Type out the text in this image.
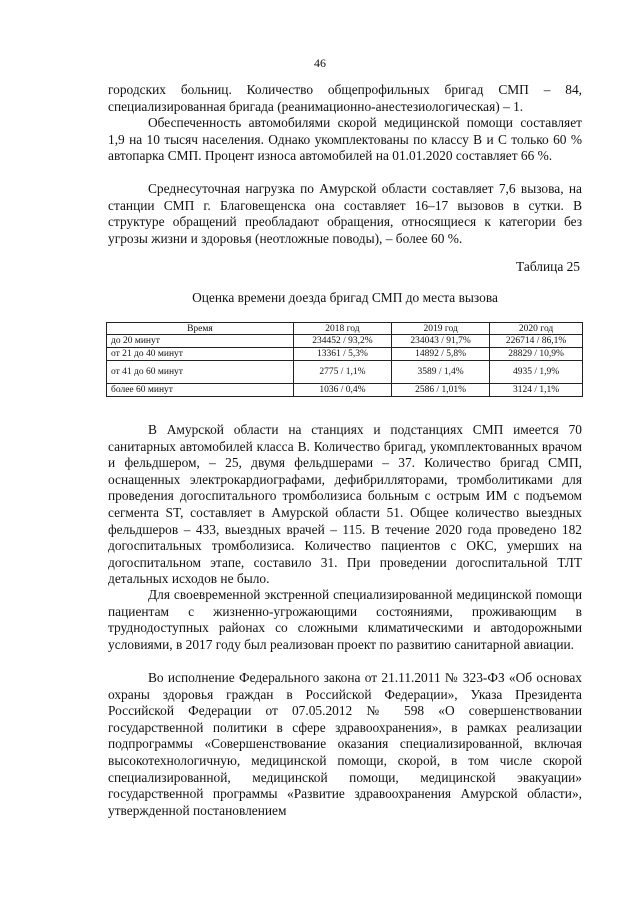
46

городских больниц. Количество общепрофильных бригад СМП – 84, специализированная бригада (реанимационно-анестезиологическая) – 1.

Обеспеченность автомобилями скорой медицинской помощи составляет 1,9 на 10 тысяч населения. Однако укомплектованы по классу В и С только 60 % автопарка СМП. Процент износа автомобилей на 01.01.2020 составляет 66 %.

Среднесуточная нагрузка по Амурской области составляет 7,6 вызова, на станции СМП г. Благовещенска она составляет 16–17 вызовов в сутки. В структуре обращений преобладают обращения, относящиеся к категории без угрозы жизни и здоровья (неотложные поводы), – более 60 %.

Таблица 25
Оценка времени доезда бригад СМП до места вызова
Время	2018 год	2019 год	2020 год
до 20 минут	234452 / 93,2%	234043 / 91,7%	226714 / 86,1%
от 21 до 40 минут	13361 / 5,3%	14892 / 5,8%	28829 / 10,9%
от 41 до 60 минут	2775 / 1,1%	3589 / 1,4%	4935 / 1,9%
более 60 минут	1036 / 0,4%	2586 / 1,01%	3124 / 1,1%

В Амурской области на станциях и подстанциях СМП имеется 70 санитарных автомобилей класса В. Количество бригад, укомплектованных врачом и фельдшером, – 25, двумя фельдшерами – 37. Количество бригад СМП, оснащенных электрокардиографами, дефибрилляторами, тромболитиками для проведения догоспитального тромболизиса больным с острым ИМ с подъемом сегмента ST, составляет в Амурской области 51. Общее количество выездных фельдшеров – 433, выездных врачей – 115. В течение 2020 года проведено 182 догоспитальных тромболизиса. Количество пациентов с ОКС, умерших на догоспитальном этапе, составило 31. При проведении догоспитальной ТЛТ детальных исходов не было.

Для своевременной экстренной специализированной медицинской помощи пациентам с жизненно-угрожающими состояниями, проживающим в труднодоступных районах со сложными климатическими и автодорожными условиями, в 2017 году был реализован проект по развитию санитарной авиации.

Во исполнение Федерального закона от 21.11.2011 № 323-ФЗ «Об основах охраны здоровья граждан в Российской Федерации», Указа Президента Российской Федерации от 07.05.2012 № 598 «О совершенствовании государственной политики в сфере здравоохранения», в рамках реализации подпрограммы «Совершенствование оказания специализированной, включая высокотехнологичную, медицинской помощи, скорой, в том числе скорой специализированной, медицинской помощи, медицинской эвакуации» государственной программы «Развитие здравоохранения Амурской области», утвержденной постановлением
